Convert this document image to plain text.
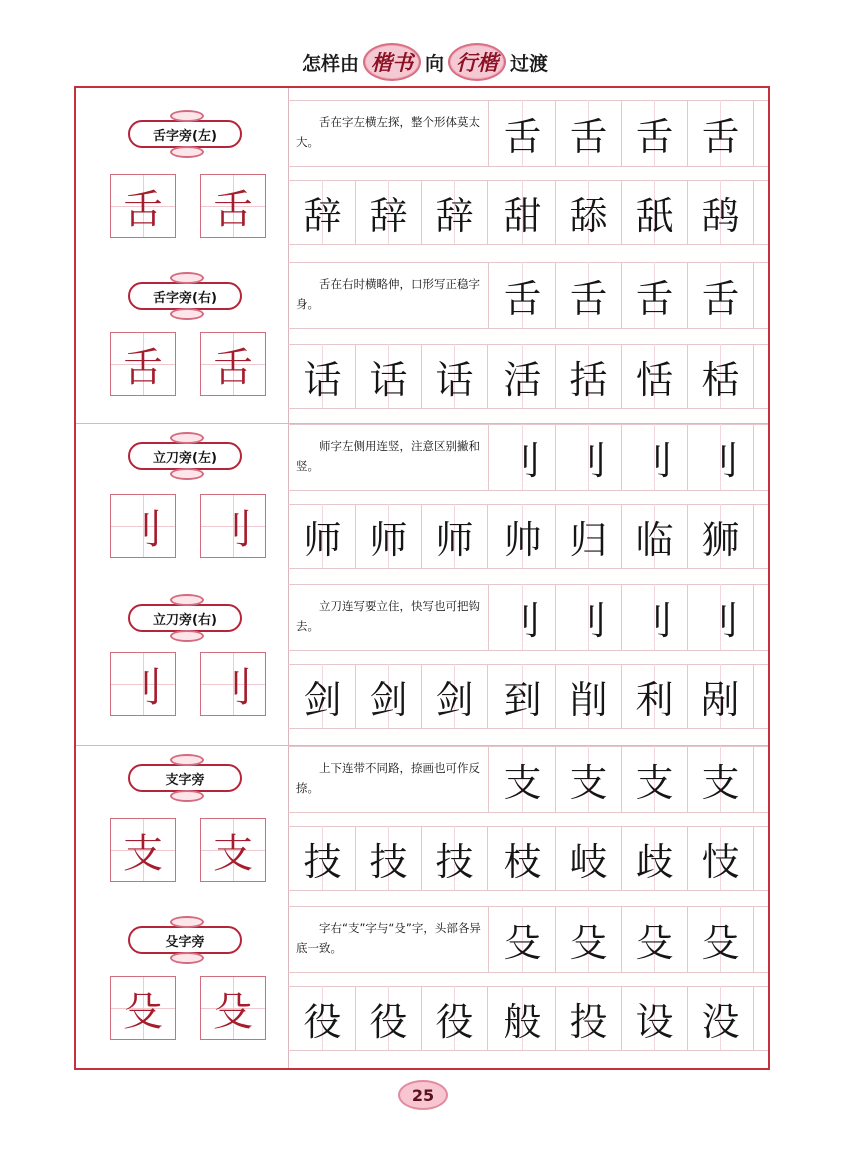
怎样由 楷书 向 行楷 过渡
舌字旁(左)
舌	舌
舌在字左横左探，整个形体莫太大。	舌 舌 舌 舌
辞 辞 辞 甜 舔 舐 鸹
舌字旁(右)
舌	舌
舌在右时横略伸，口形写正稳字身。	舌 舌 舌 舌
话 话 话 活 括 恬 栝
立刀旁(左)
刂	刂
师字左侧用连竖，注意区别撇和竖。	刂 刂 刂 刂
师 师 师 帅 归 临 狮
立刀旁(右)
刂	刂
立刀连写要立住，快写也可把钩去。	刂 刂 刂 刂
剑 剑 剑 到 削 利 剐
支字旁
支	支
上下连带不同路，捺画也可作反捺。	支 支 支 支
技 技 技 枝 岐 歧 忮
殳字旁
殳	殳
字右“支”字与“殳”字，头部各异底一致。	殳 殳 殳 殳
役 役 役 般 投 设 没
25
